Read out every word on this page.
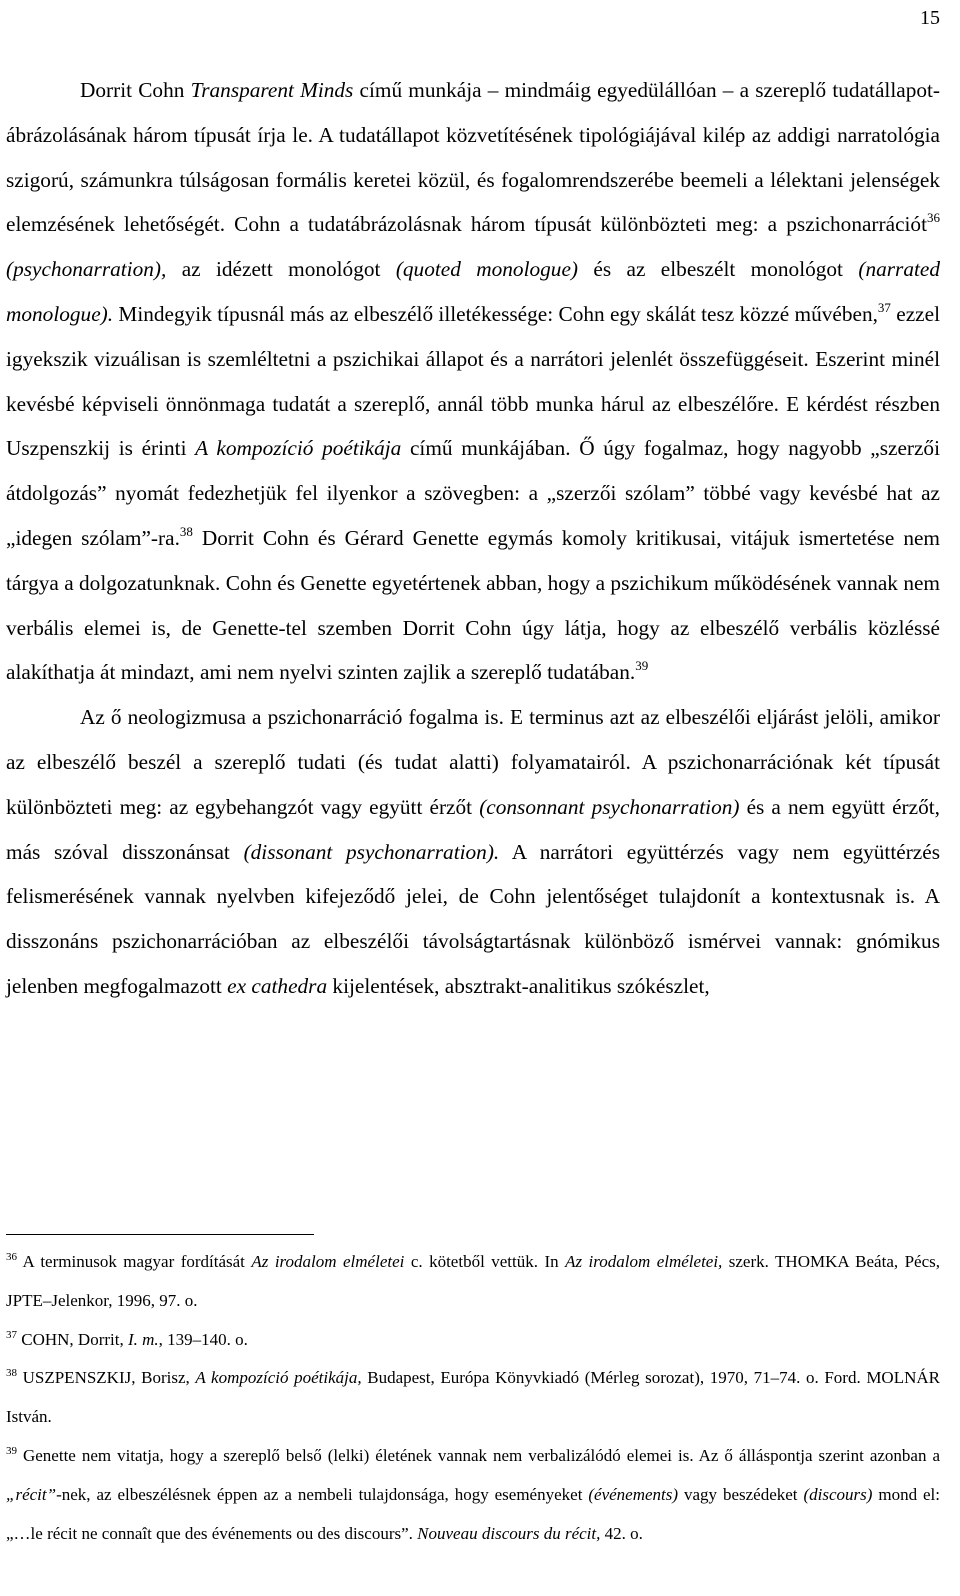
15

Dorrit Cohn Transparent Minds című munkája – mindmáig egyedülállóan – a szereplő tudatállapot-ábrázolásának három típusát írja le. A tudatállapot közvetítésének tipológiájával kilép az addigi narratológia szigorú, számunkra túlságosan formális keretei közül, és fogalomrendszerébe beemeli a lélektani jelenségek elemzésének lehetőségét. Cohn a tudatábrázolásnak három típusát különbözteti meg: a pszichonarrációt$^{36}$ (psychonarration), az idézett monológot (quoted monologue) és az elbeszélt monológot (narrated monologue). Mindegyik típusnál más az elbeszélő illetékessége: Cohn egy skálát tesz közzé művében,$^{37}$ ezzel igyekszik vizuálisan is szemléltetni a pszichikai állapot és a narrátori jelenlét összefüggéseit. Eszerint minél kevésbé képviseli önnönmaga tudatát a szereplő, annál több munka hárul az elbeszélőre. E kérdést részben Uszpenszkij is érinti A kompozíció poétikája című munkájában. Ő úgy fogalmaz, hogy nagyobb „szerzői átdolgozás” nyomát fedezhetjük fel ilyenkor a szövegben: a „szerzői szólam” többé vagy kevésbé hat az „idegen szólam”-ra.$^{38}$ Dorrit Cohn és Gérard Genette egymás komoly kritikusai, vitájuk ismertetése nem tárgya a dolgozatunknak. Cohn és Genette egyetértenek abban, hogy a pszichikum működésének vannak nem verbális elemei is, de Genette-tel szemben Dorrit Cohn úgy látja, hogy az elbeszélő verbális közléssé alakíthatja át mindazt, ami nem nyelvi szinten zajlik a szereplő tudatában.$^{39}$

Az ő neologizmusa a pszichonarráció fogalma is. E terminus azt az elbeszélői eljárást jelöli, amikor az elbeszélő beszél a szereplő tudati (és tudat alatti) folyamatairól. A pszichonarrációnak két típusát különbözteti meg: az egybehangzót vagy együtt érzőt (consonnant psychonarration) és a nem együtt érzőt, más szóval disszonánsat (dissonant psychonarration). A narrátori együttérzés vagy nem együttérzés felismerésének vannak nyelvben kifejeződő jelei, de Cohn jelentőséget tulajdonít a kontextusnak is. A disszonáns pszichonarrációban az elbeszélői távolságtartásnak különböző ismérvei vannak: gnómikus jelenben megfogalmazott ex cathedra kijelentések, absztrakt-analitikus szókészlet,

$^{36}$ A terminusok magyar fordítását Az irodalom elméletei c. kötetből vettük. In Az irodalom elméletei, szerk. THOMKA Beáta, Pécs, JPTE–Jelenkor, 1996, 97. o.

$^{37}$ COHN, Dorrit, I. m., 139–140. o.

$^{38}$ USZPENSZKIJ, Borisz, A kompozíció poétikája, Budapest, Európa Könyvkiadó (Mérleg sorozat), 1970, 71–74. o. Ford. MOLNÁR István.

$^{39}$ Genette nem vitatja, hogy a szereplő belső (lelki) életének vannak nem verbalizálódó elemei is. Az ő álláspontja szerint azonban a „récit”-nek, az elbeszélésnek éppen az a nembeli tulajdonsága, hogy eseményeket (événements) vagy beszédeket (discours) mond el: „…le récit ne connaît que des événements ou des discours”. Nouveau discours du récit, 42. o.
